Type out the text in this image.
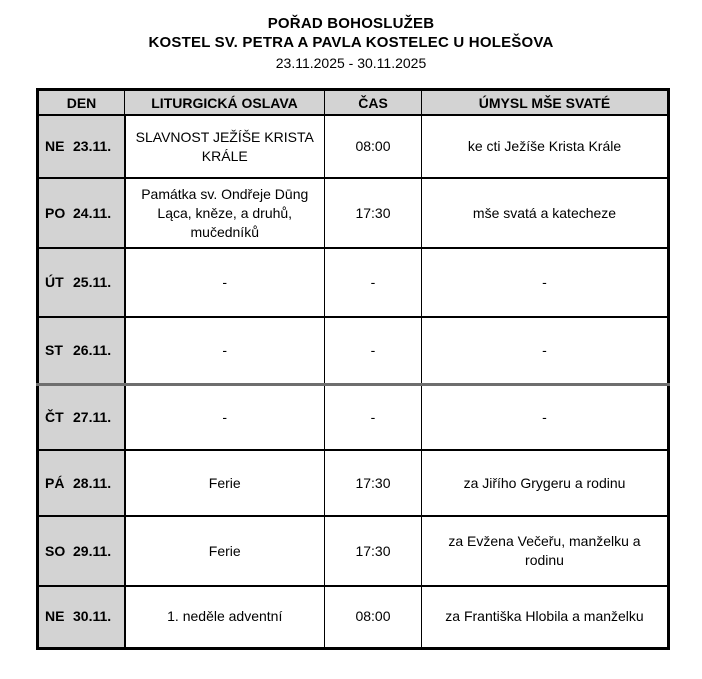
POŘAD BOHOSLUŽEB
KOSTEL SV. PETRA A PAVLA KOSTELEC U HOLEŠOVA
23.11.2025 - 30.11.2025
DEN	LITURGICKÁ OSLAVA	ČAS	ÚMYSL MŠE SVATÉ
NE 23.11.	SLAVNOST JEŽÍŠE KRISTA KRÁLE	08:00	ke cti Ježíše Krista Krále
PO 24.11.	Památka sv. Ondřeje Dūng Ląca, kněze, a druhů, mučedníků	17:30	mše svatá a katecheze
ÚT 25.11.	-	-	-
ST 26.11.	-	-	-
ČT 27.11.	-	-	-
PÁ 28.11.	Ferie	17:30	za Jiřího Grygeru a rodinu
SO 29.11.	Ferie	17:30	za Evžena Večeřu, manželku a rodinu
NE 30.11.	1. neděle adventní	08:00	za Františka Hlobila a manželku
